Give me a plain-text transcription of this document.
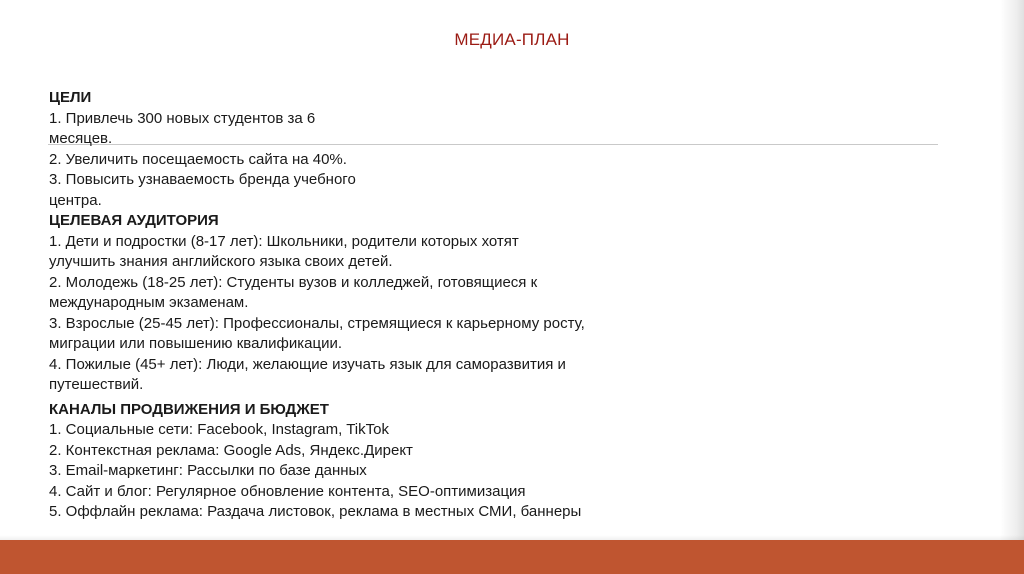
МЕДИА-ПЛАН
ЦЕЛИ
1. Привлечь 300 новых студентов за 6
месяцев.
2. Увеличить посещаемость сайта на 40%.
3. Повысить узнаваемость бренда учебного
центра.
ЦЕЛЕВАЯ АУДИТОРИЯ
1. Дети и подростки (8-17 лет): Школьники, родители которых хотят
улучшить знания английского языка своих детей.
2. Молодежь (18-25 лет): Студенты вузов и колледжей, готовящиеся к
международным экзаменам.
3. Взрослые (25-45 лет): Профессионалы, стремящиеся к карьерному росту,
миграции или повышению квалификации.
4. Пожилые (45+ лет): Люди, желающие изучать язык для саморазвития и
путешествий.
КАНАЛЫ ПРОДВИЖЕНИЯ И БЮДЖЕТ
1. Социальные сети: Facebook, Instagram, TikTok
2. Контекстная реклама: Google Ads, Яндекс.Директ
3. Email-маркетинг: Рассылки по базе данных
4. Сайт и блог: Регулярное обновление контента, SEO-оптимизация
5. Оффлайн реклама: Раздача листовок, реклама в местных СМИ, баннеры
